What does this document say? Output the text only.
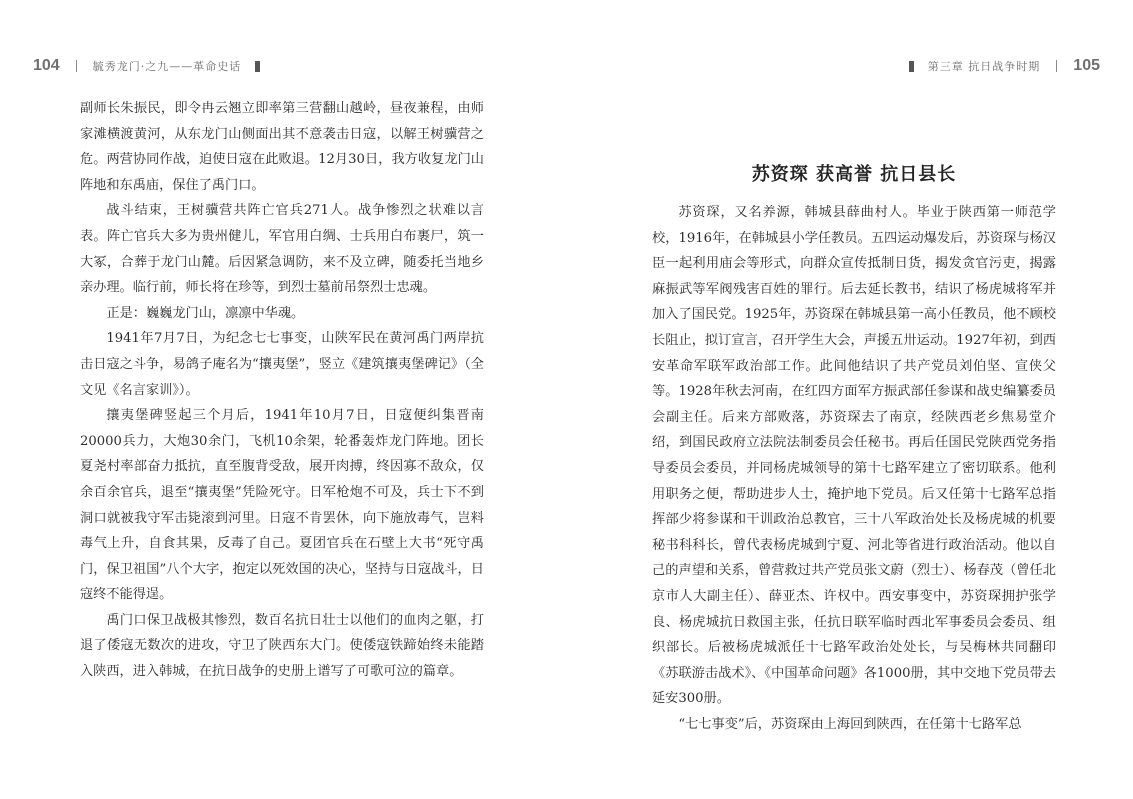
104	毓秀龙门·之九——革命史话	第三章 抗日战争时期 105

副师长朱振民，即令冉云翘立即率第三营翻山越岭，昼夜兼程，由师家滩横渡黄河，从东龙门山侧面出其不意袭击日寇，以解王树骥营之危。两营协同作战，迫使日寇在此败退。12月30日，我方收复龙门山阵地和东禹庙，保住了禹门口。

战斗结束，王树骥营共阵亡官兵271人。战争惨烈之状难以言表。阵亡官兵大多为贵州健儿，军官用白绸、士兵用白布裹尸，筑一大冢，合葬于龙门山麓。后因紧急调防，来不及立碑，随委托当地乡亲办理。临行前，师长将在珍等，到烈士墓前吊祭烈士忠魂。

正是：巍巍龙门山，凛凛中华魂。

1941年7月7日，为纪念七七事变，山陕军民在黄河禹门两岸抗击日寇之斗争，易鸽子庵名为“攘夷堡”，竖立《建筑攘夷堡碑记》（全文见《名言家训》）。

攘夷堡碑竖起三个月后，1941年10月7日，日寇便纠集晋南20000兵力，大炮30余门，飞机10余架，轮番轰炸龙门阵地。团长夏尧村率部奋力抵抗，直至腹背受敌，展开肉搏，终因寡不敌众，仅余百余官兵，退至“攘夷堡”凭险死守。日军枪炮不可及，兵士下不到洞口就被我守军击毙滚到河里。日寇不肯罢休，向下施放毒气，岂料毒气上升，自食其果，反毒了自己。夏团官兵在石壁上大书“死守禹门，保卫祖国”八个大字，抱定以死效国的决心，坚持与日寇战斗，日寇终不能得逞。

禹门口保卫战极其惨烈，数百名抗日壮士以他们的血肉之躯，打退了倭寇无数次的进攻，守卫了陕西东大门。使倭寇铁蹄始终未能踏入陕西，进入韩城，在抗日战争的史册上谱写了可歌可泣的篇章。

苏资琛 获高誉 抗日县长

苏资琛，又名养源，韩城县薛曲村人。毕业于陕西第一师范学校，1916年，在韩城县小学任教员。五四运动爆发后，苏资琛与杨汉臣一起利用庙会等形式，向群众宣传抵制日货，揭发贪官污吏，揭露麻振武等军阀残害百姓的罪行。后去延长教书，结识了杨虎城将军并加入了国民党。1925年，苏资琛在韩城县第一高小任教员，他不顾校长阻止，拟订宣言，召开学生大会，声援五卅运动。1927年初，到西安革命军联军政治部工作。此间他结识了共产党员刘伯坚、宣侠父等。1928年秋去河南，在红四方面军方振武部任参谋和战史编纂委员会副主任。后来方部败落，苏资琛去了南京，经陕西老乡焦易堂介绍，到国民政府立法院法制委员会任秘书。再后任国民党陕西党务指导委员会委员，并同杨虎城领导的第十七路军建立了密切联系。他利用职务之便，帮助进步人士，掩护地下党员。后又任第十七路军总指挥部少将参谋和干训政治总教官，三十八军政治处长及杨虎城的机要秘书科科长，曾代表杨虎城到宁夏、河北等省进行政治活动。他以自己的声望和关系，曾营救过共产党员张文蔚（烈士）、杨春茂（曾任北京市人大副主任）、薛亚杰、许权中。西安事变中，苏资琛拥护张学良、杨虎城抗日救国主张，任抗日联军临时西北军事委员会委员、组织部长。后被杨虎城派任十七路军政治处处长，与吴梅林共同翻印《苏联游击战术》、《中国革命问题》各1000册，其中交地下党员带去延安300册。

“七七事变”后，苏资琛由上海回到陕西，在任第十七路军总
